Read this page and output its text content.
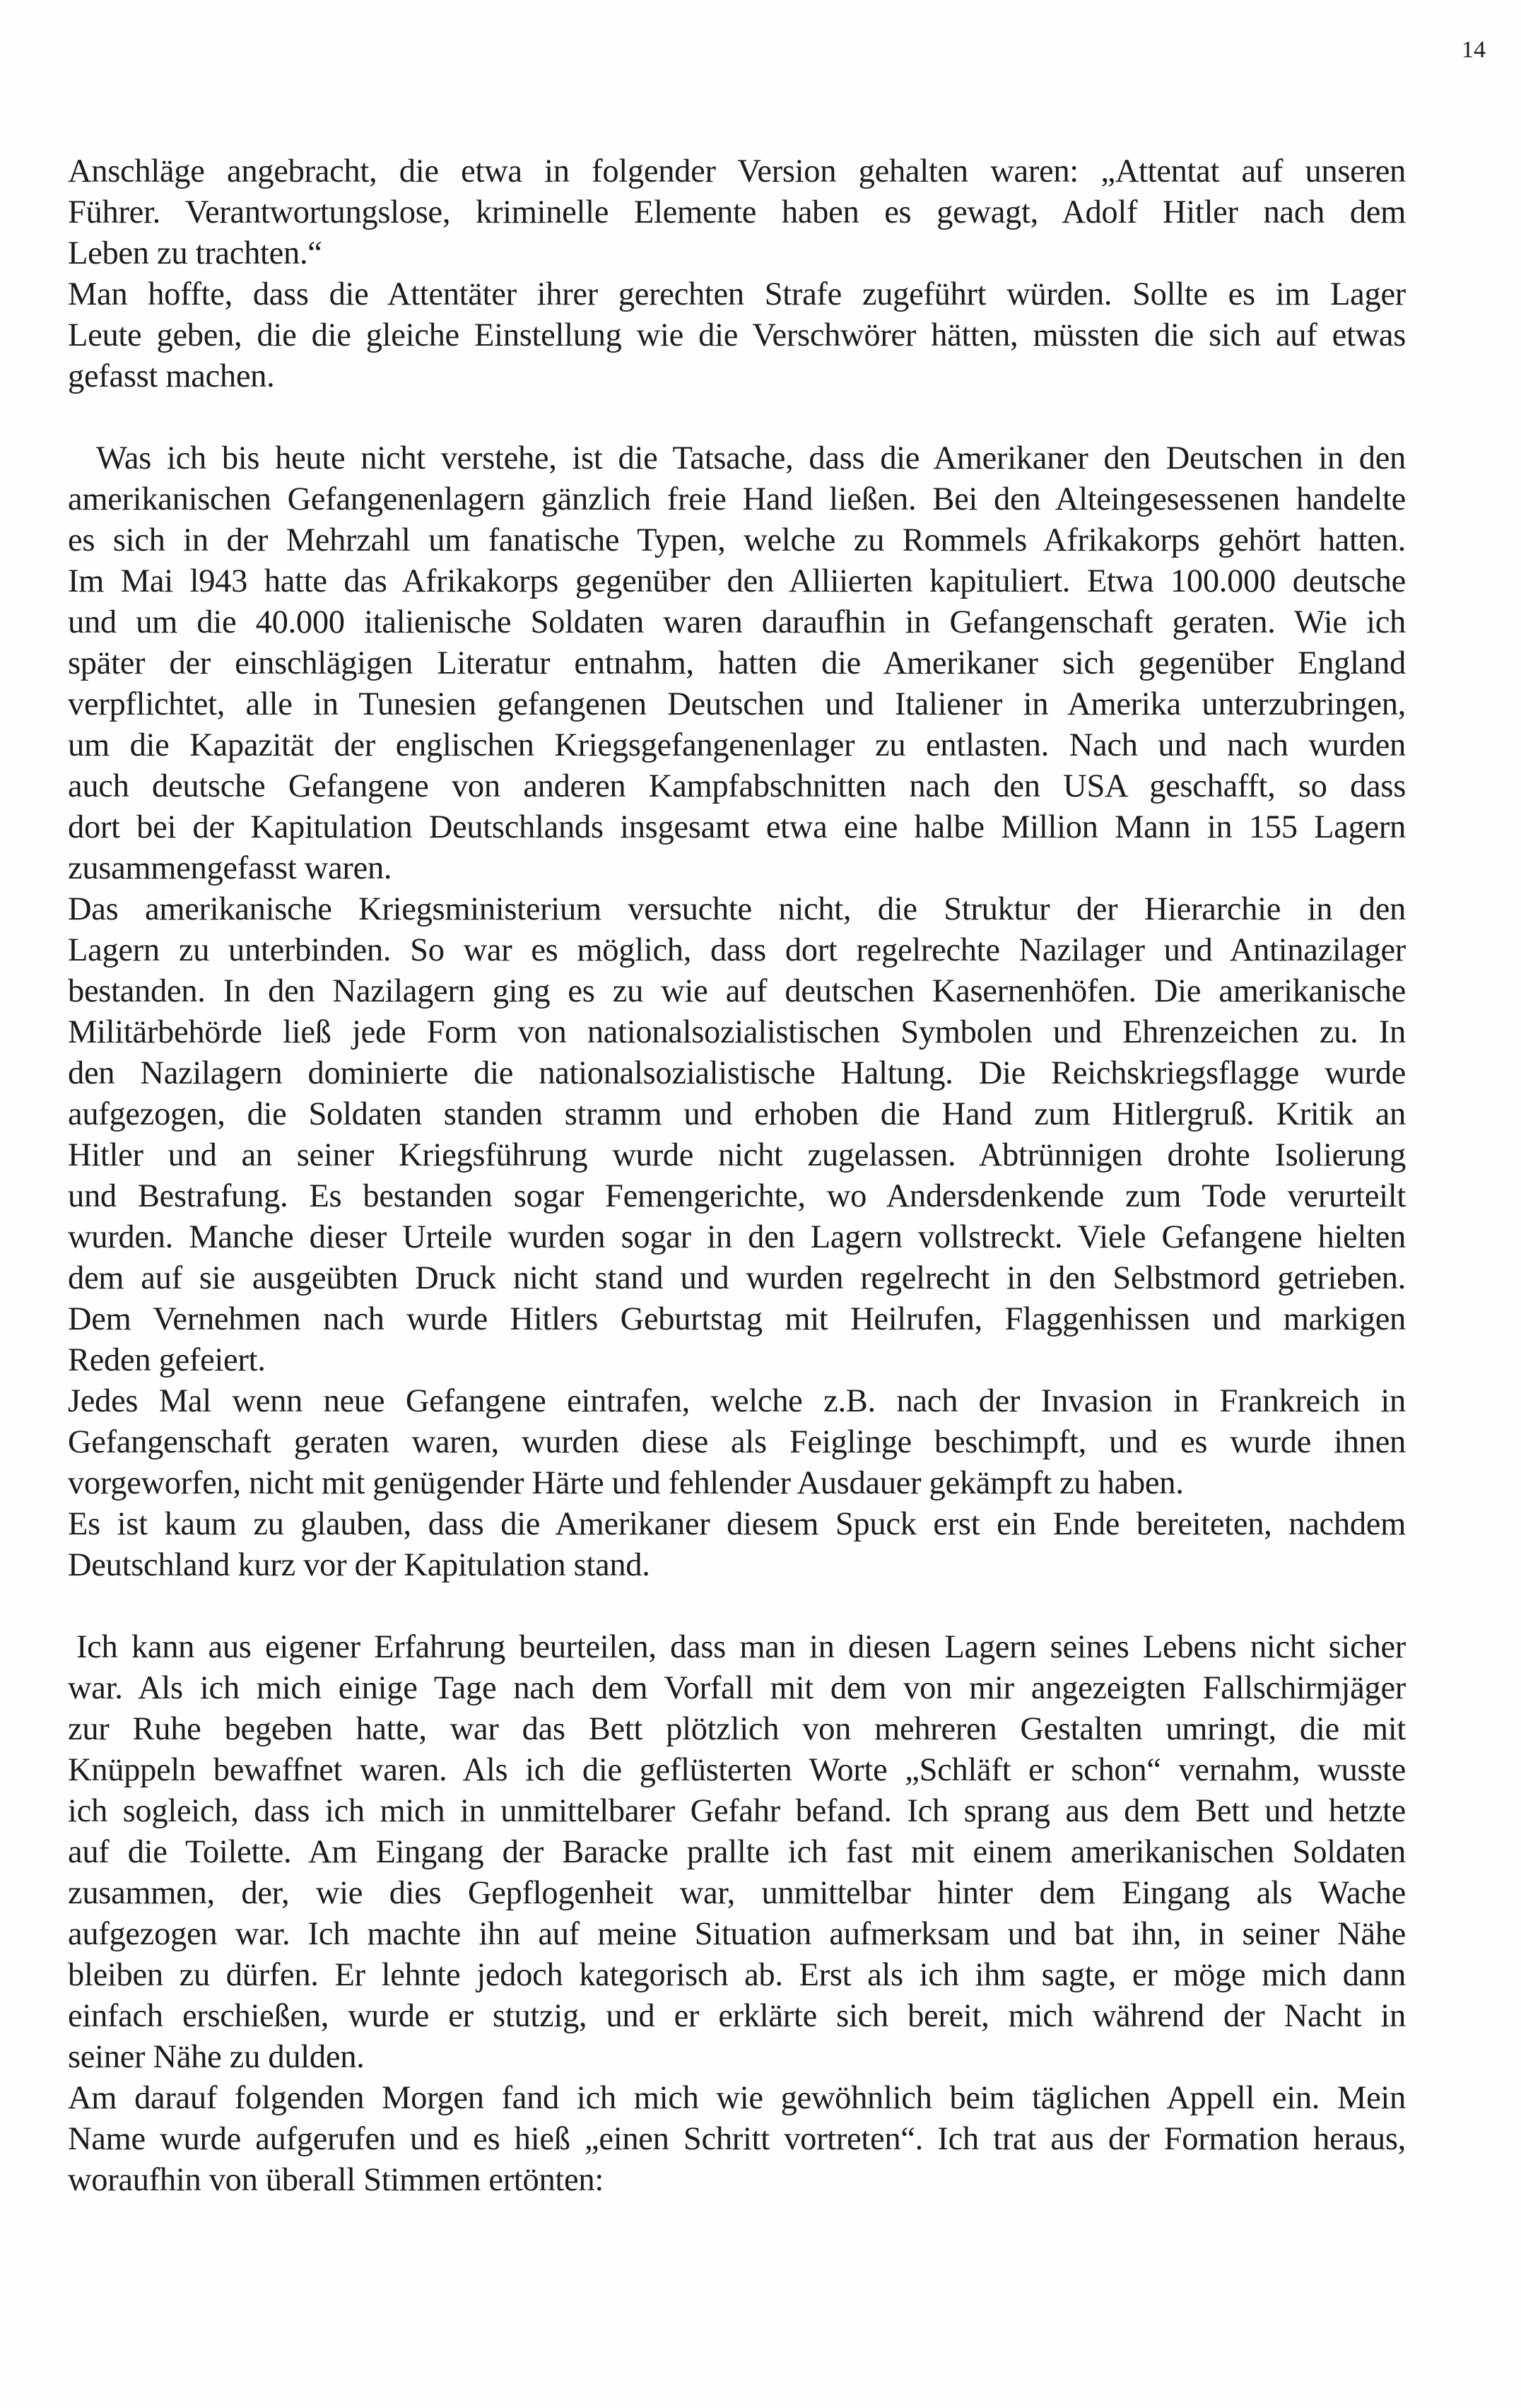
14
Anschläge angebracht, die etwa in folgender Version gehalten waren: „Attentat auf unseren
Führer. Verantwortungslose, kriminelle Elemente haben es gewagt, Adolf Hitler nach dem
Leben zu trachten.“
Man hoffte, dass die Attentäter ihrer gerechten Strafe zugeführt würden. Sollte es im Lager
Leute geben, die die gleiche Einstellung wie die Verschwörer hätten, müssten die sich auf etwas
gefasst machen.
Was ich bis heute nicht verstehe, ist die Tatsache, dass die Amerikaner den Deutschen in den
amerikanischen Gefangenenlagern gänzlich freie Hand ließen. Bei den Alteingesessenen handelte
es sich in der Mehrzahl um fanatische Typen, welche zu Rommels Afrikakorps gehört hatten.
Im Mai l943 hatte das Afrikakorps gegenüber den Alliierten kapituliert. Etwa 100.000 deutsche
und um die 40.000 italienische Soldaten waren daraufhin in Gefangenschaft geraten. Wie ich
später der einschlägigen Literatur entnahm, hatten die Amerikaner sich gegenüber England
verpflichtet, alle in Tunesien gefangenen Deutschen und Italiener in Amerika unterzubringen,
um die Kapazität der englischen Kriegsgefangenenlager zu entlasten. Nach und nach wurden
auch deutsche Gefangene von anderen Kampfabschnitten nach den USA geschafft, so dass
dort bei der Kapitulation Deutschlands insgesamt etwa eine halbe Million Mann in 155 Lagern
zusammengefasst waren.
Das amerikanische Kriegsministerium versuchte nicht, die Struktur der Hierarchie in den
Lagern zu unterbinden. So war es möglich, dass dort regelrechte Nazilager und Antinazilager
bestanden. In den Nazilagern ging es zu wie auf deutschen Kasernenhöfen. Die amerikanische
Militärbehörde ließ jede Form von nationalsozialistischen Symbolen und Ehrenzeichen zu. In
den Nazilagern dominierte die nationalsozialistische Haltung. Die Reichskriegsflagge wurde
aufgezogen, die Soldaten standen stramm und erhoben die Hand zum Hitlergruß. Kritik an
Hitler und an seiner Kriegsführung wurde nicht zugelassen. Abtrünnigen drohte Isolierung
und Bestrafung. Es bestanden sogar Femengerichte, wo Andersdenkende zum Tode verurteilt
wurden. Manche dieser Urteile wurden sogar in den Lagern vollstreckt. Viele Gefangene hielten
dem auf sie ausgeübten Druck nicht stand und wurden regelrecht in den Selbstmord getrieben.
Dem Vernehmen nach wurde Hitlers Geburtstag mit Heilrufen, Flaggenhissen und markigen
Reden gefeiert.
Jedes Mal wenn neue Gefangene eintrafen, welche z.B. nach der Invasion in Frankreich in
Gefangenschaft geraten waren, wurden diese als Feiglinge beschimpft, und es wurde ihnen
vorgeworfen, nicht mit genügender Härte und fehlender Ausdauer gekämpft zu haben.
Es ist kaum zu glauben, dass die Amerikaner diesem Spuck erst ein Ende bereiteten, nachdem
Deutschland kurz vor der Kapitulation stand.
Ich kann aus eigener Erfahrung beurteilen, dass man in diesen Lagern seines Lebens nicht sicher
war. Als ich mich einige Tage nach dem Vorfall mit dem von mir angezeigten Fallschirmjäger
zur Ruhe begeben hatte, war das Bett plötzlich von mehreren Gestalten umringt, die mit
Knüppeln bewaffnet waren. Als ich die geflüsterten Worte „Schläft er schon“ vernahm, wusste
ich sogleich, dass ich mich in unmittelbarer Gefahr befand. Ich sprang aus dem Bett und hetzte
auf die Toilette. Am Eingang der Baracke prallte ich fast mit einem amerikanischen Soldaten
zusammen, der, wie dies Gepflogenheit war, unmittelbar hinter dem Eingang als Wache
aufgezogen war. Ich machte ihn auf meine Situation aufmerksam und bat ihn, in seiner Nähe
bleiben zu dürfen. Er lehnte jedoch kategorisch ab. Erst als ich ihm sagte, er möge mich dann
einfach erschießen, wurde er stutzig, und er erklärte sich bereit, mich während der Nacht in
seiner Nähe zu dulden.
Am darauf folgenden Morgen fand ich mich wie gewöhnlich beim täglichen Appell ein. Mein
Name wurde aufgerufen und es hieß „einen Schritt vortreten“. Ich trat aus der Formation heraus,
woraufhin von überall Stimmen ertönten:
